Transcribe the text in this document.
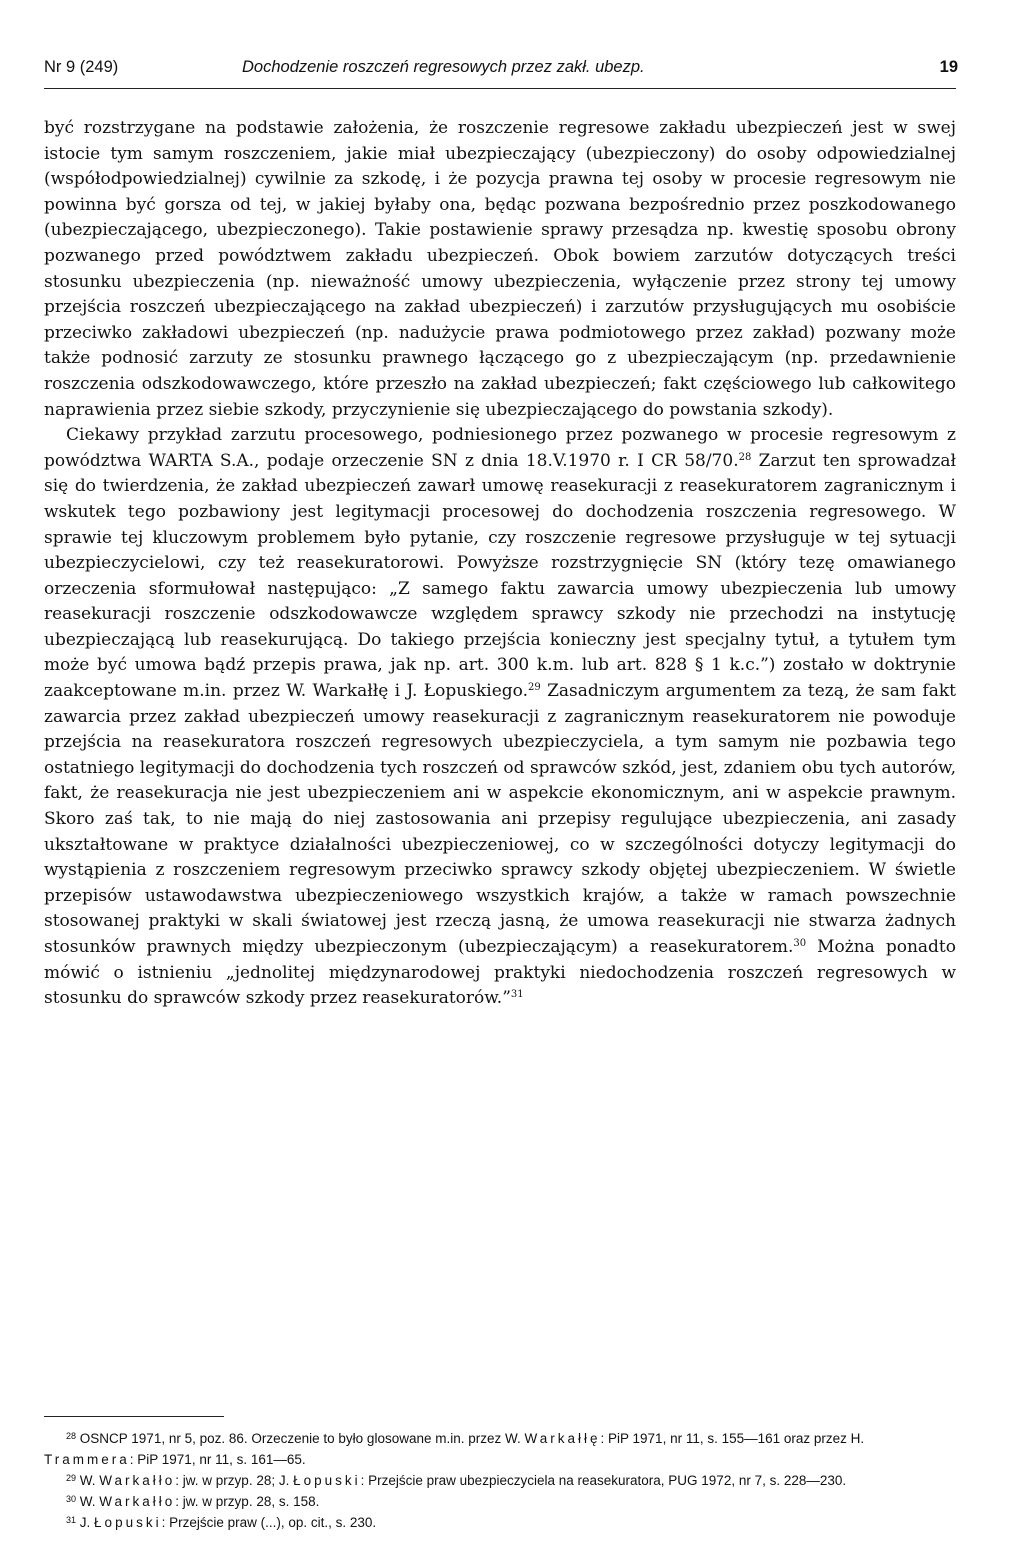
Nr 9 (249)	Dochodzenie roszczeń regresowych przez zakł. ubezp.	19

być rozstrzygane na podstawie założenia, że roszczenie regresowe zakładu ubezpieczeń jest w swej istocie tym samym roszczeniem, jakie miał ubezpieczający (ubezpieczony) do osoby odpowiedzialnej (współodpowiedzialnej) cywilnie za szkodę, i że pozycja prawna tej osoby w procesie regresowym nie powinna być gorsza od tej, w jakiej byłaby ona, będąc pozwana bezpośrednio przez poszkodowanego (ubezpieczającego, ubezpieczonego). Takie postawienie sprawy przesądza np. kwestię sposobu obrony pozwanego przed powództwem zakładu ubezpieczeń. Obok bowiem zarzutów dotyczących treści stosunku ubezpieczenia (np. nieważność umowy ubezpieczenia, wyłączenie przez strony tej umowy przejścia roszczeń ubezpieczającego na zakład ubezpieczeń) i zarzutów przysługujących mu osobiście przeciwko zakładowi ubezpieczeń (np. nadużycie prawa podmiotowego przez zakład) pozwany może także podnosić zarzuty ze stosunku prawnego łączącego go z ubezpieczającym (np. przedawnienie roszczenia odszkodowawczego, które przeszło na zakład ubezpieczeń; fakt częściowego lub całkowitego naprawienia przez siebie szkody, przyczynienie się ubezpieczającego do powstania szkody).

Ciekawy przykład zarzutu procesowego, podniesionego przez pozwanego w procesie regresowym z powództwa WARTA S.A., podaje orzeczenie SN z dnia 18.V.1970 r. I CR 58/70.28 Zarzut ten sprowadzał się do twierdzenia, że zakład ubezpieczeń zawarł umowę reasekuracji z reasekuratorem zagranicznym i wskutek tego pozbawiony jest legitymacji procesowej do dochodzenia roszczenia regresowego. W sprawie tej kluczowym problemem było pytanie, czy roszczenie regresowe przysługuje w tej sytuacji ubezpieczycielowi, czy też reasekuratorowi. Powyższe rozstrzygnięcie SN (który tezę omawianego orzeczenia sformułował następująco: „Z samego faktu zawarcia umowy ubezpieczenia lub umowy reasekuracji roszczenie odszkodowawcze względem sprawcy szkody nie przechodzi na instytucję ubezpieczającą lub reasekurującą. Do takiego przejścia konieczny jest specjalny tytuł, a tytułem tym może być umowa bądź przepis prawa, jak np. art. 300 k.m. lub art. 828 § 1 k.c.”) zostało w doktrynie zaakceptowane m.in. przez W. Warkałłę i J. Łopuskiego.$^{29}$ Zasadniczym argumentem za tezą, że sam fakt zawarcia przez zakład ubezpieczeń umowy reasekuracji z zagranicznym reasekuratorem nie powoduje przejścia na reasekuratora roszczeń regresowych ubezpieczyciela, a tym samym nie pozbawia tego ostatniego legitymacji do dochodzenia tych roszczeń od sprawców szkód, jest, zdaniem obu tych autorów, fakt, że reasekuracja nie jest ubezpieczeniem ani w aspekcie ekonomicznym, ani w aspekcie prawnym. Skoro zaś tak, to nie mają do niej zastosowania ani przepisy regulujące ubezpieczenia, ani zasady ukształtowane w praktyce działalności ubezpieczeniowej, co w szczególności dotyczy legitymacji do wystąpienia z roszczeniem regresowym przeciwko sprawcy szkody objętej ubezpieczeniem. W świetle przepisów ustawodawstwa ubezpieczeniowego wszystkich krajów, a także w ramach powszechnie stosowanej praktyki w skali światowej jest rzeczą jasną, że umowa reasekuracji nie stwarza żadnych stosunków prawnych między ubezpieczonym (ubezpieczającym) a reasekuratorem.$^{30}$ Można ponadto mówić o istnieniu „jednolitej międzynarodowej praktyki niedochodzenia roszczeń regresowych w stosunku do sprawców szkody przez reasekuratorów.”$^{31}$

$^{28}$ OSNCP 1971, nr 5, poz. 86. Orzeczenie to było glosowane m.in. przez W. Warkałłę: PiP 1971, nr 11, s. 155—161 oraz przez H. Trammera: PiP 1971, nr 11, s. 161—65.

$^{29}$ W. Warkałło: jw. w przyp. 28; J. Łopuski: Przejście praw ubezpieczyciela na reasekuratora, PUG 1972, nr 7, s. 228—230.

$^{30}$ W. Warkałło: jw. w przyp. 28, s. 158.

$^{31}$ J. Łopuski: Przejście praw (...), op. cit., s. 230.
